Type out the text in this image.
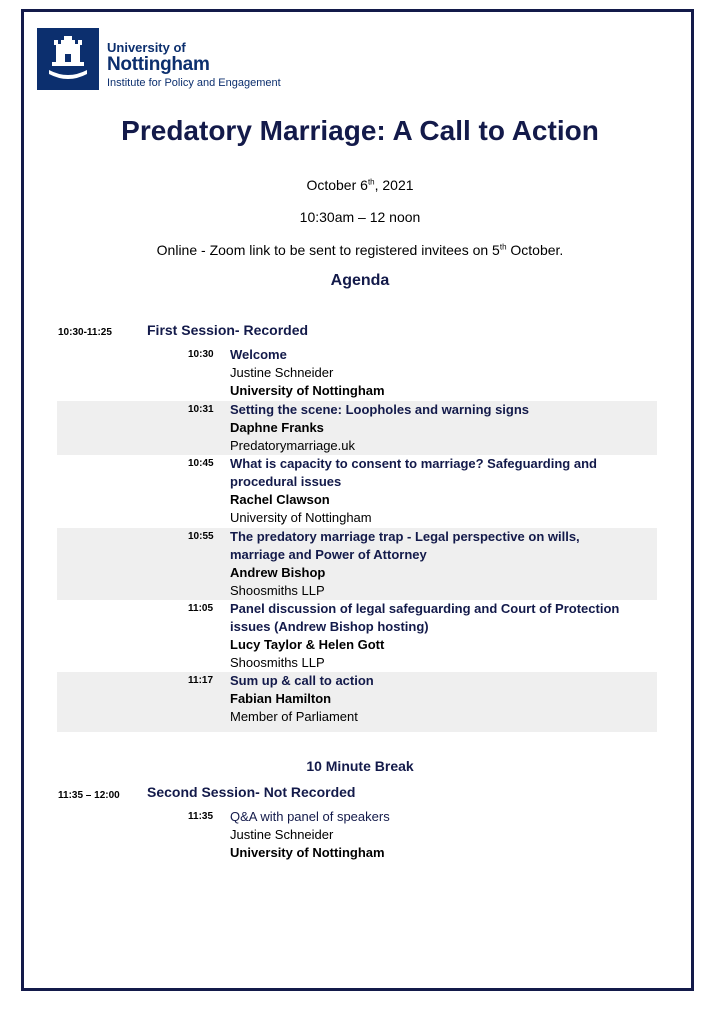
University of
Nottingham
Institute for Policy and Engagement
Predatory Marriage: A Call to Action
October 6th, 2021
10:30am – 12 noon
Online - Zoom link to be sent to registered invitees on 5th October.
Agenda
10:30-11:25	First Session- Recorded
10:30 Welcome
Justine Schneider
University of Nottingham
10:31 Setting the scene: Loopholes and warning signs
Daphne Franks
Predatorymarriage.uk
10:45 What is capacity to consent to marriage? Safeguarding and
procedural issues
Rachel Clawson
University of Nottingham
10:55 The predatory marriage trap - Legal perspective on wills,
marriage and Power of Attorney
Andrew Bishop
Shoosmiths LLP
11:05 Panel discussion of legal safeguarding and Court of Protection
issues (Andrew Bishop hosting)
Lucy Taylor & Helen Gott
Shoosmiths LLP
11:17 Sum up & call to action
Fabian Hamilton
Member of Parliament
10 Minute Break
11:35 – 12:00 Second Session- Not Recorded
11:35 Q&A with panel of speakers
Justine Schneider
University of Nottingham
